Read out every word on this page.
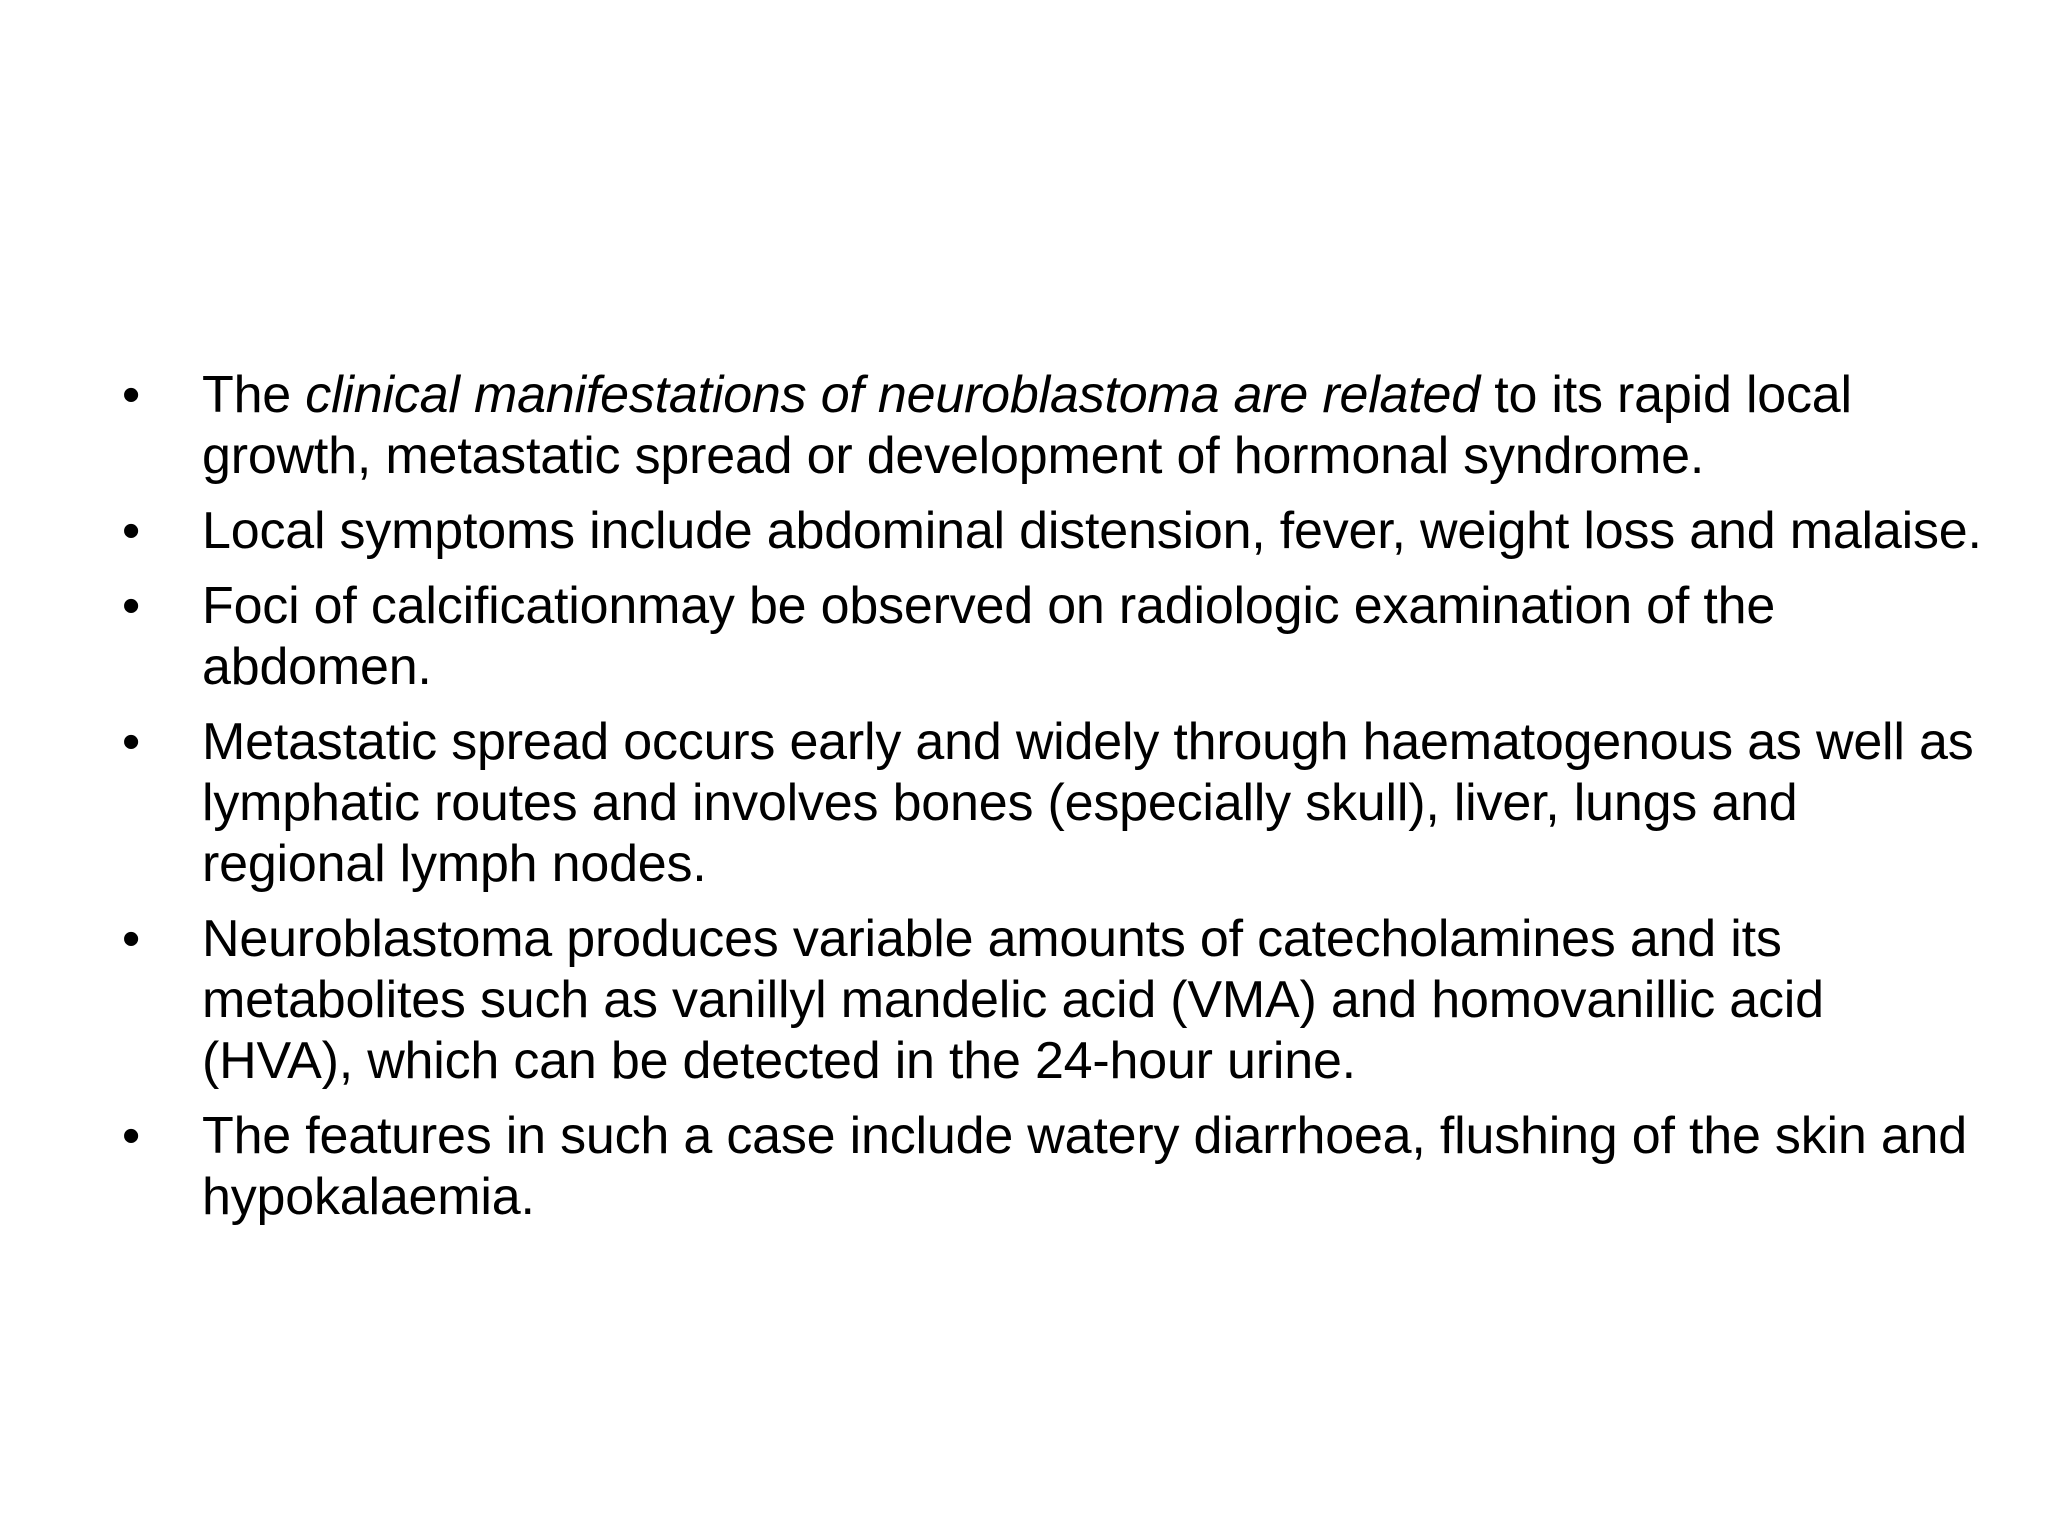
•	The clinical manifestations of neuroblastoma are related to its rapid local growth, metastatic spread or development of hormonal syndrome.
•	Local symptoms include abdominal distension, fever, weight loss and malaise.
•	Foci of calcificationmay be observed on radiologic examination of the abdomen.
•	Metastatic spread occurs early and widely through haematogenous as well as lymphatic routes and involves bones (especially skull), liver, lungs and regional lymph nodes.
•	Neuroblastoma produces variable amounts of catecholamines and its metabolites such as vanillyl mandelic acid (VMA) and homovanillic acid (HVA), which can be detected in the 24-hour urine.
•	The features in such a case include watery diarrhoea, flushing of the skin and hypokalaemia.
